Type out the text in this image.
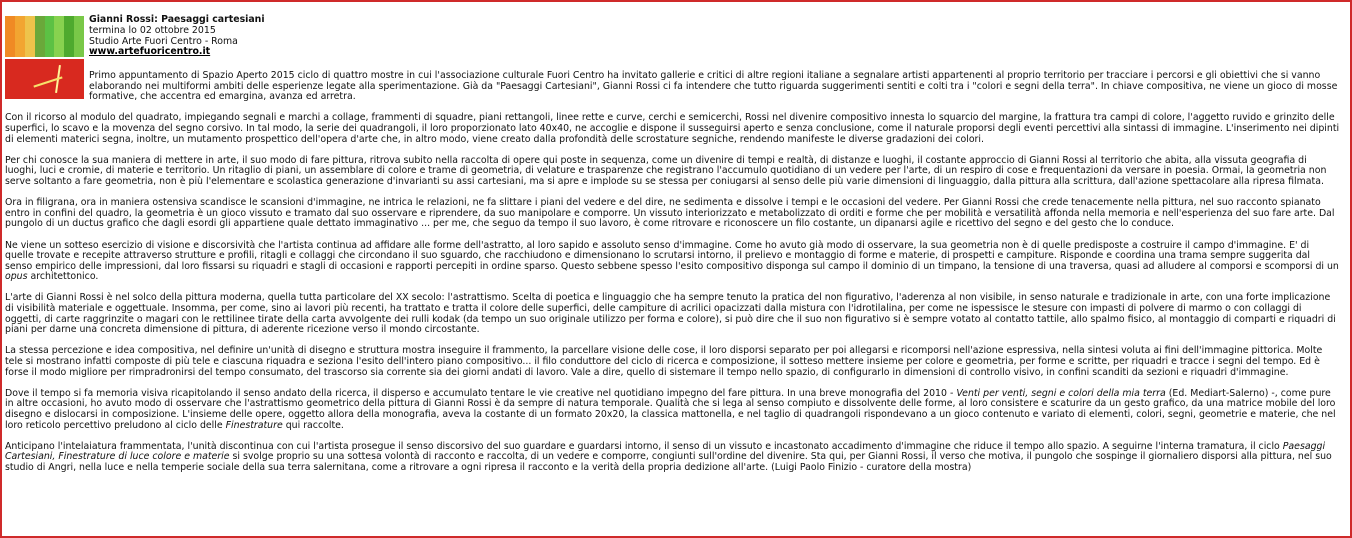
Gianni Rossi: Paesaggi cartesiani
termina lo 02 ottobre 2015
Studio Arte Fuori Centro - Roma
www.artefuoricentro.it

Primo appuntamento di Spazio Aperto 2015 ciclo di quattro mostre in cui l'associazione culturale Fuori Centro ha invitato gallerie e critici di altre regioni italiane a segnalare artisti appartenenti al proprio territorio per tracciare i percorsi e gli obiettivi che si vanno elaborando nei multiformi ambiti delle esperienze legate alla sperimentazione. Già da "Paesaggi Cartesiani", Gianni Rossi ci fa intendere che tutto riguarda suggerimenti sentiti e colti tra i "colori e segni della terra". In chiave compositiva, ne viene un gioco di mosse formative, che accentra ed emargina, avanza ed arretra.

Con il ricorso al modulo del quadrato, impiegando segnali e marchi a collage, frammenti di squadre, piani rettangoli, linee rette e curve, cerchi e semicerchi, Rossi nel divenire compositivo innesta lo squarcio del margine, la frattura tra campi di colore, l'aggetto ruvido e grinzito delle superfici, lo scavo e la movenza del segno corsivo. In tal modo, la serie dei quadrangoli, il loro proporzionato lato 40x40, ne accoglie e dispone il susseguirsi aperto e senza conclusione, come il naturale proporsi degli eventi percettivi alla sintassi di immagine. L'inserimento nei dipinti di elementi materici segna, inoltre, un mutamento prospettico dell'opera d'arte che, in altro modo, viene creato dalla profondità delle scrostature segniche, rendendo manifeste le diverse gradazioni dei colori.

Per chi conosce la sua maniera di mettere in arte, il suo modo di fare pittura, ritrova subito nella raccolta di opere qui poste in sequenza, come un divenire di tempi e realtà, di distanze e luoghi, il costante approccio di Gianni Rossi al territorio che abita, alla vissuta geografia di luoghi, luci e cromie, di materie e territorio. Un ritaglio di piani, un assemblare di colore e trame di geometria, di velature e trasparenze che registrano l'accumulo quotidiano di un vedere per l'arte, di un respiro di cose e frequentazioni da versare in poesia. Ormai, la geometria non serve soltanto a fare geometria, non è più l'elementare e scolastica generazione d'invarianti su assi cartesiani, ma si apre e implode su se stessa per coniugarsi al senso delle più varie dimensioni di linguaggio, dalla pittura alla scrittura, dall'azione spettacolare alla ripresa filmata.

Ora in filigrana, ora in maniera ostensiva scandisce le scansioni d'immagine, ne intrica le relazioni, ne fa slittare i piani del vedere e del dire, ne sedimenta e dissolve i tempi e le occasioni del vedere. Per Gianni Rossi che crede tenacemente nella pittura, nel suo racconto spianato entro in confini del quadro, la geometria è un gioco vissuto e tramato dal suo osservare e riprendere, da suo manipolare e comporre. Un vissuto interiorizzato e metabolizzato di orditi e forme che per mobilità e versatilità affonda nella memoria e nell'esperienza del suo fare arte. Dal pungolo di un ductus grafico che dagli esordi gli appartiene quale dettato immaginativo ... per me, che seguo da tempo il suo lavoro, è come ritrovare e riconoscere un filo costante, un dipanarsi agile e ricettivo del segno e del gesto che lo conduce.

Ne viene un sotteso esercizio di visione e discorsività che l'artista continua ad affidare alle forme dell'astratto, al loro sapido e assoluto senso d'immagine. Come ho avuto già modo di osservare, la sua geometria non è di quelle predisposte a costruire il campo d'immagine. E' di quelle trovate e recepite attraverso strutture e profili, ritagli e collaggi che circondano il suo sguardo, che racchiudono e dimensionano lo scrutarsi intorno, il prelievo e montaggio di forme e materie, di prospetti e campiture. Risponde e coordina una trama sempre suggerita dal senso empirico delle impressioni, dal loro fissarsi su riquadri e stagli di occasioni e rapporti percepiti in ordine sparso. Questo sebbene spesso l'esito compositivo disponga sul campo il dominio di un timpano, la tensione di una traversa, quasi ad alludere al comporsi e scomporsi di un opus architettonico.

L'arte di Gianni Rossi è nel solco della pittura moderna, quella tutta particolare del XX secolo: l'astrattismo. Scelta di poetica e linguaggio che ha sempre tenuto la pratica del non figurativo, l'aderenza al non visibile, in senso naturale e tradizionale in arte, con una forte implicazione di visibilità materiale e oggettuale. Insomma, per come, sino ai lavori più recenti, ha trattato e tratta il colore delle superfici, delle campiture di acrilici opacizzati dalla mistura con l'idrotilalina, per come ne ispessisce le stesure con impasti di polvere di marmo o con collaggi di oggetti, di carte raggrinzite o magari con le rettilinee tirate della carta avvolgente dei rulli kodak (da tempo un suo originale utilizzo per forma e colore), si può dire che il suo non figurativo si è sempre votato al contatto tattile, allo spalmo fisico, al montaggio di comparti e riquadri di piani per darne una concreta dimensione di pittura, di aderente ricezione verso il mondo circostante.

La stessa percezione e idea compositiva, nel definire un'unità di disegno e struttura mostra inseguire il frammento, la parcellare visione delle cose, il loro disporsi separato per poi allegarsi e ricomporsi nell'azione espressiva, nella sintesi voluta ai fini dell'immagine pittorica. Molte tele si mostrano infatti composte di più tele e ciascuna riquadra e seziona l'esito dell'intero piano compositivo... il filo conduttore del ciclo di ricerca e composizione, il sotteso mettere insieme per colore e geometria, per forme e scritte, per riquadri e tracce i segni del tempo. Ed è forse il modo migliore per rimpradronirsi del tempo consumato, del trascorso sia corrente sia dei giorni andati di lavoro. Vale a dire, quello di sistemare il tempo nello spazio, di configurarlo in dimensioni di controllo visivo, in confini scanditi da sezioni e riquadri d'immagine.

Dove il tempo si fa memoria visiva ricapitolando il senso andato della ricerca, il disperso e accumulato tentare le vie creative nel quotidiano impegno del fare pittura. In una breve monografia del 2010 - Venti per venti, segni e colori della mia terra (Ed. Mediart-Salerno) -, come pure in altre occasioni, ho avuto modo di osservare che l'astrattismo geometrico della pittura di Gianni Rossi è da sempre di natura temporale. Qualità che si lega al senso compiuto e dissolvente delle forme, al loro consistere e scaturire da un gesto grafico, da una matrice mobile del loro disegno e dislocarsi in composizione. L'insieme delle opere, oggetto allora della monografia, aveva la costante di un formato 20x20, la classica mattonella, e nel taglio di quadrangoli rispondevano a un gioco contenuto e variato di elementi, colori, segni, geometrie e materie, che nel loro reticolo percettivo preludono al ciclo delle Finestrature qui raccolte.

Anticipano l'intelaiatura frammentata, l'unità discontinua con cui l'artista prosegue il senso discorsivo del suo guardare e guardarsi intorno, il senso di un vissuto e incastonato accadimento d'immagine che riduce il tempo allo spazio. A seguirne l'interna tramatura, il ciclo Paesaggi Cartesiani, Finestrature di luce colore e materie si svolge proprio su una sottesa volontà di racconto e raccolta, di un vedere e comporre, congiunti sull'ordine del divenire. Sta qui, per Gianni Rossi, il verso che motiva, il pungolo che sospinge il giornaliero disporsi alla pittura, nel suo studio di Angri, nella luce e nella temperie sociale della sua terra salernitana, come a ritrovare a ogni ripresa il racconto e la verità della propria dedizione all'arte. (Luigi Paolo Finizio - curatore della mostra)
